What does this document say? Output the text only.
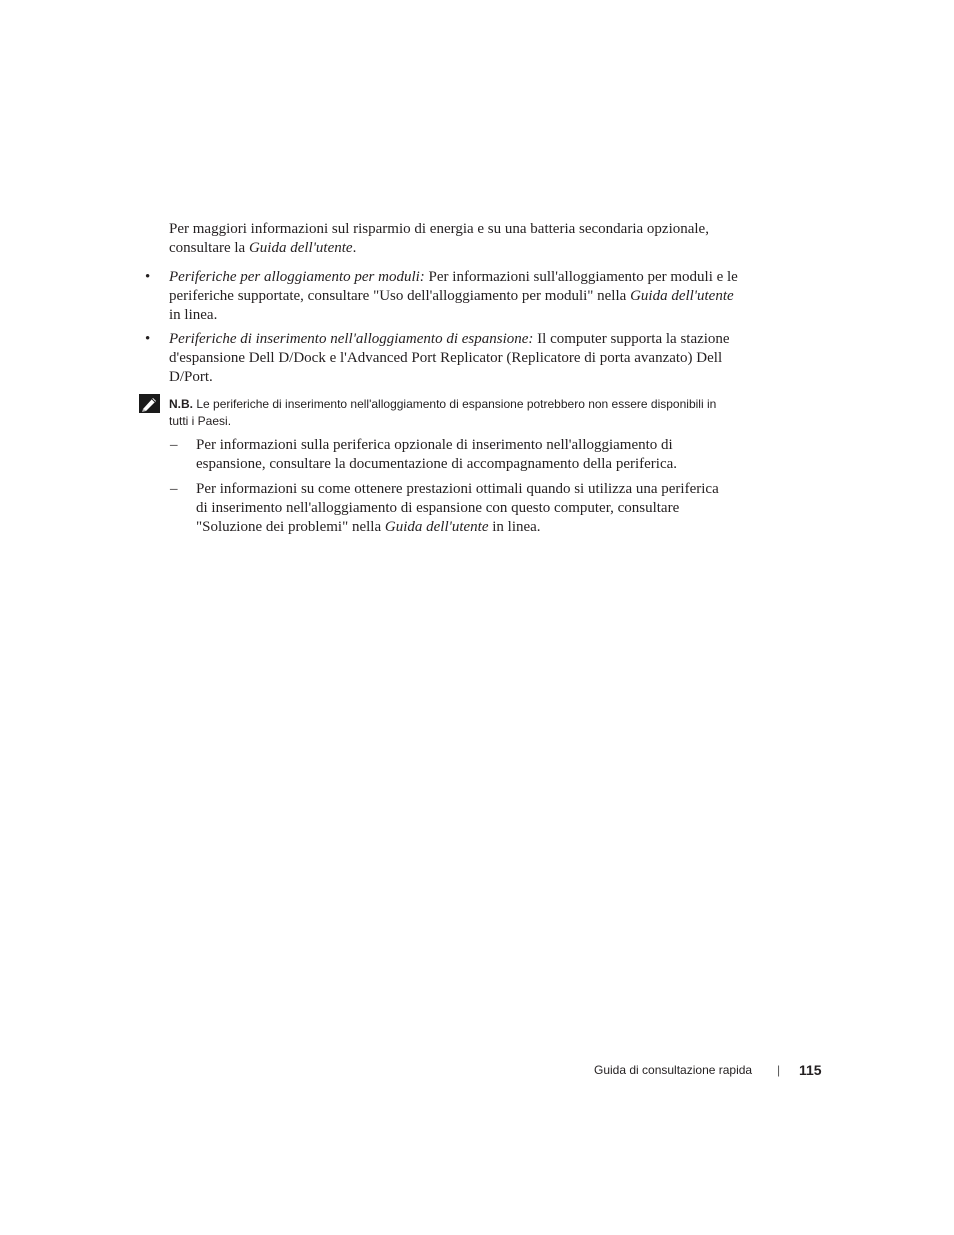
Per maggiori informazioni sul risparmio di energia e su una batteria secondaria opzionale,

consultare la Guida dell'utente.

• Periferiche per alloggiamento per moduli: Per informazioni sull'alloggiamento per moduli e le

periferiche supportate, consultare "Uso dell'alloggiamento per moduli" nella Guida dell'utente

in linea.

• Periferiche di inserimento nell'alloggiamento di espansione: Il computer supporta la stazione

d'espansione Dell D/Dock e l'Advanced Port Replicator (Replicatore di porta avanzato) Dell

D/Port.

N.B. Le periferiche di inserimento nell'alloggiamento di espansione potrebbero non essere disponibili in

tutti i Paesi.

– Per informazioni sulla periferica opzionale di inserimento nell'alloggiamento di

espansione, consultare la documentazione di accompagnamento della periferica.

– Per informazioni su come ottenere prestazioni ottimali quando si utilizza una periferica

di inserimento nell'alloggiamento di espansione con questo computer, consultare

"Soluzione dei problemi" nella Guida dell'utente in linea.

Guida di consultazione rapida | 115
